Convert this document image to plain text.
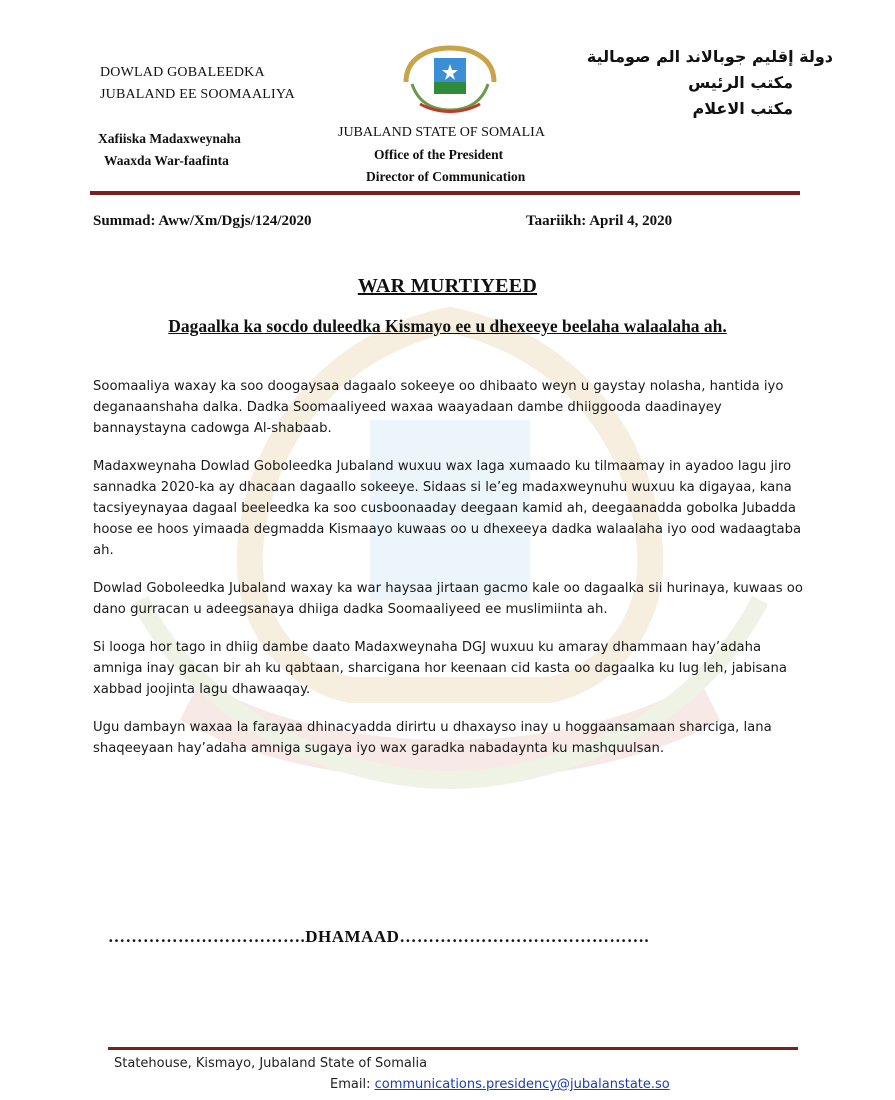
DOWLAD GOBALEEDKA
JUBALAND EE SOOMAALIYA
Xafiiska Madaxweynaha
Waaxda War-faafinta
JUBALAND STATE OF SOMALIA
Office of the President
Director of Communication
دولة إقليم جوبالاند الم صومالية
مكتب الرئيس
مكتب الاعلام
Summad: Aww/Xm/Dgjs/124/2020	Taariikh: April 4, 2020
WAR MURTIYEED
Dagaalka ka socdo duleedka Kismayo ee u dhexeeye beelaha walaalaha ah.

Soomaaliya waxay ka soo doogaysaa dagaalo sokeeye oo dhibaato weyn u gaystay nolasha, hantida iyo deganaanshaha dalka. Dadka Soomaaliyeed waxaa waayadaan dambe dhiiggooda daadinayey bannaystayna cadowga Al-shabaab.

Madaxweynaha Dowlad Goboleedka Jubaland wuxuu wax laga xumaado ku tilmaamay in ayadoo lagu jiro sannadka 2020-ka ay dhacaan dagaallo sokeeye. Sidaas si le’eg madaxweynuhu wuxuu ka digayaa, kana tacsiyeynayaa dagaal beeleedka ka soo cusboonaaday deegaan kamid ah, deegaanadda gobolka Jubadda hoose ee hoos yimaada degmadda Kismaayo kuwaas oo u dhexeeya dadka walaalaha iyo ood wadaagtaba ah.

Dowlad Goboleedka Jubaland waxay ka war haysaa jirtaan gacmo kale oo dagaalka sii hurinaya, kuwaas oo dano gurracan u adeegsanaya dhiiga dadka Soomaaliyeed ee muslimiinta ah.

Si looga hor tago in dhiig dambe daato Madaxweynaha DGJ wuxuu ku amaray dhammaan hay’adaha amniga inay gacan bir ah ku qabtaan, sharcigana hor keenaan cid kasta oo dagaalka ku lug leh, jabisana xabbad joojinta lagu dhawaaqay.

Ugu dambayn waxaa la farayaa dhinacyadda dirirtu u dhaxayso inay u hoggaansamaan sharciga, lana shaqeeyaan hay’adaha amniga sugaya iyo wax garadka nabadaynta ku mashquulsan.

…………………………….DHAMAAD…………………………………….
Statehouse, Kismayo, Jubaland State of Somalia
Email: communications.presidency@jubalanstate.so
